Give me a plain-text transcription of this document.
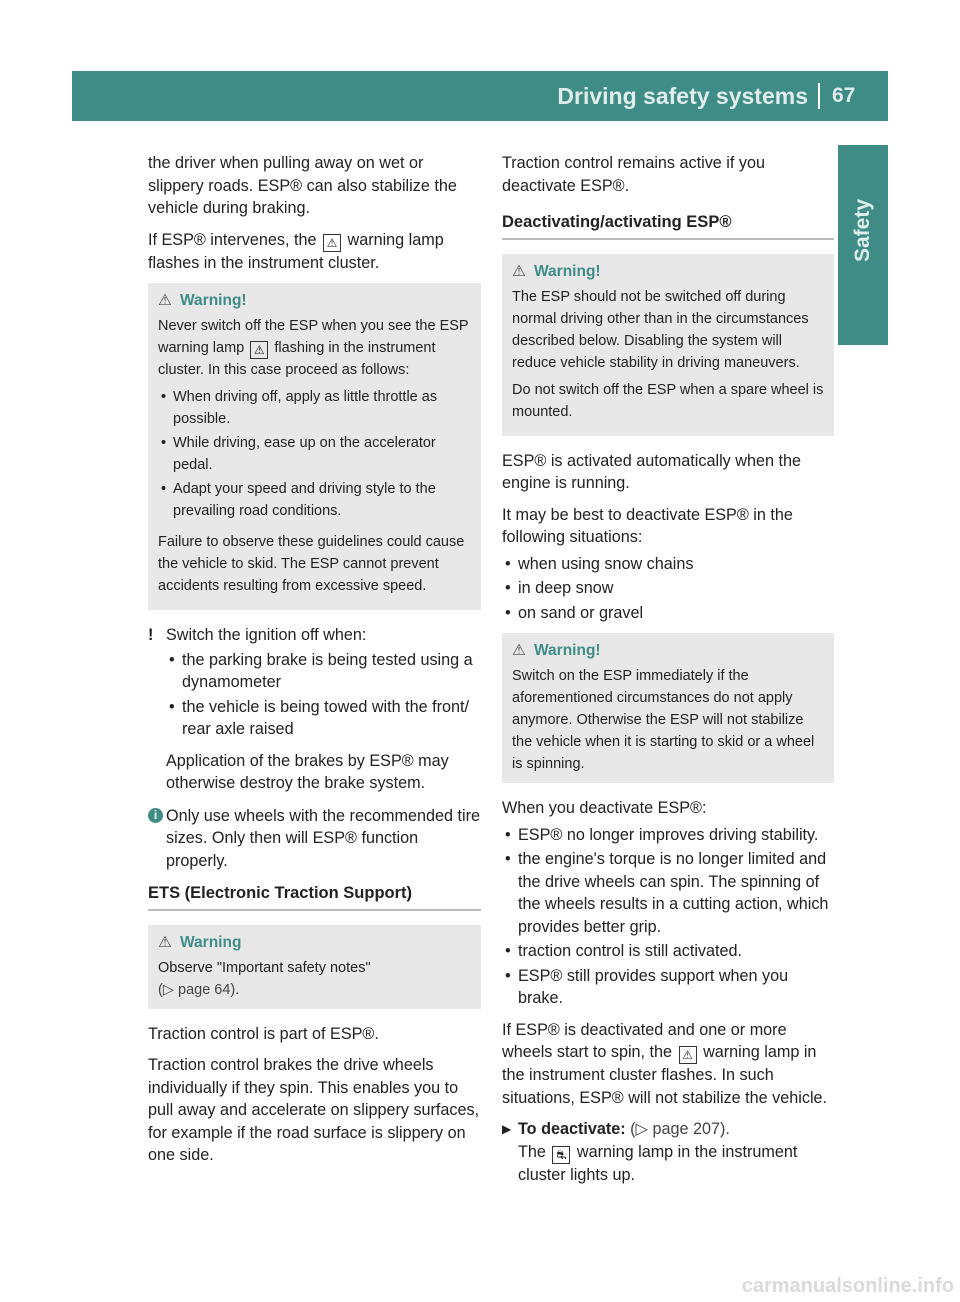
Driving safety systems	67
Safety

the driver when pulling away on wet or slippery roads. ESP® can also stabilize the vehicle during braking.

If ESP® intervenes, the ⚠ warning lamp flashes in the instrument cluster.

⚠ Warning!

Never switch off the ESP when you see the ESP warning lamp ⚠ flashing in the instrument cluster. In this case proceed as follows:

• When driving off, apply as little throttle as possible.
• While driving, ease up on the accelerator pedal.
• Adapt your speed and driving style to the prevailing road conditions.

Failure to observe these guidelines could cause the vehicle to skid. The ESP cannot prevent accidents resulting from excessive speed.

! Switch the ignition off when:
• the parking brake is being tested using a dynamometer
• the vehicle is being towed with the front/ rear axle raised
Application of the brakes by ESP® may otherwise destroy the brake system.
i Only use wheels with the recommended tire sizes. Only then will ESP® function properly.
ETS (Electronic Traction Support)
⚠ Warning
Observe "Important safety notes"
(▷ page 64).

Traction control is part of ESP®.

Traction control brakes the drive wheels individually if they spin. This enables you to pull away and accelerate on slippery surfaces, for example if the road surface is slippery on one side.

Traction control remains active if you deactivate ESP®.

Deactivating/activating ESP®
⚠ Warning!

The ESP should not be switched off during normal driving other than in the circumstances described below. Disabling the system will reduce vehicle stability in driving maneuvers.

Do not switch off the ESP when a spare wheel is mounted.

ESP® is activated automatically when the engine is running.

It may be best to deactivate ESP® in the following situations:

• when using snow chains
• in deep snow
• on sand or gravel
⚠ Warning!
Switch on the ESP immediately if the aforementioned circumstances do not apply anymore. Otherwise the ESP will not stabilize the vehicle when it is starting to skid or a wheel is spinning.

When you deactivate ESP®:

• ESP® no longer improves driving stability.
• the engine's torque is no longer limited and the drive wheels can spin. The spinning of the wheels results in a cutting action, which provides better grip.
• traction control is still activated.
• ESP® still provides support when you brake.

If ESP® is deactivated and one or more wheels start to spin, the ⚠ warning lamp in the instrument cluster flashes. In such situations, ESP® will not stabilize the vehicle.

▶ To deactivate: (▷ page 207).
The ⛐ warning lamp in the instrument cluster lights up.
carmanualsonline.info
